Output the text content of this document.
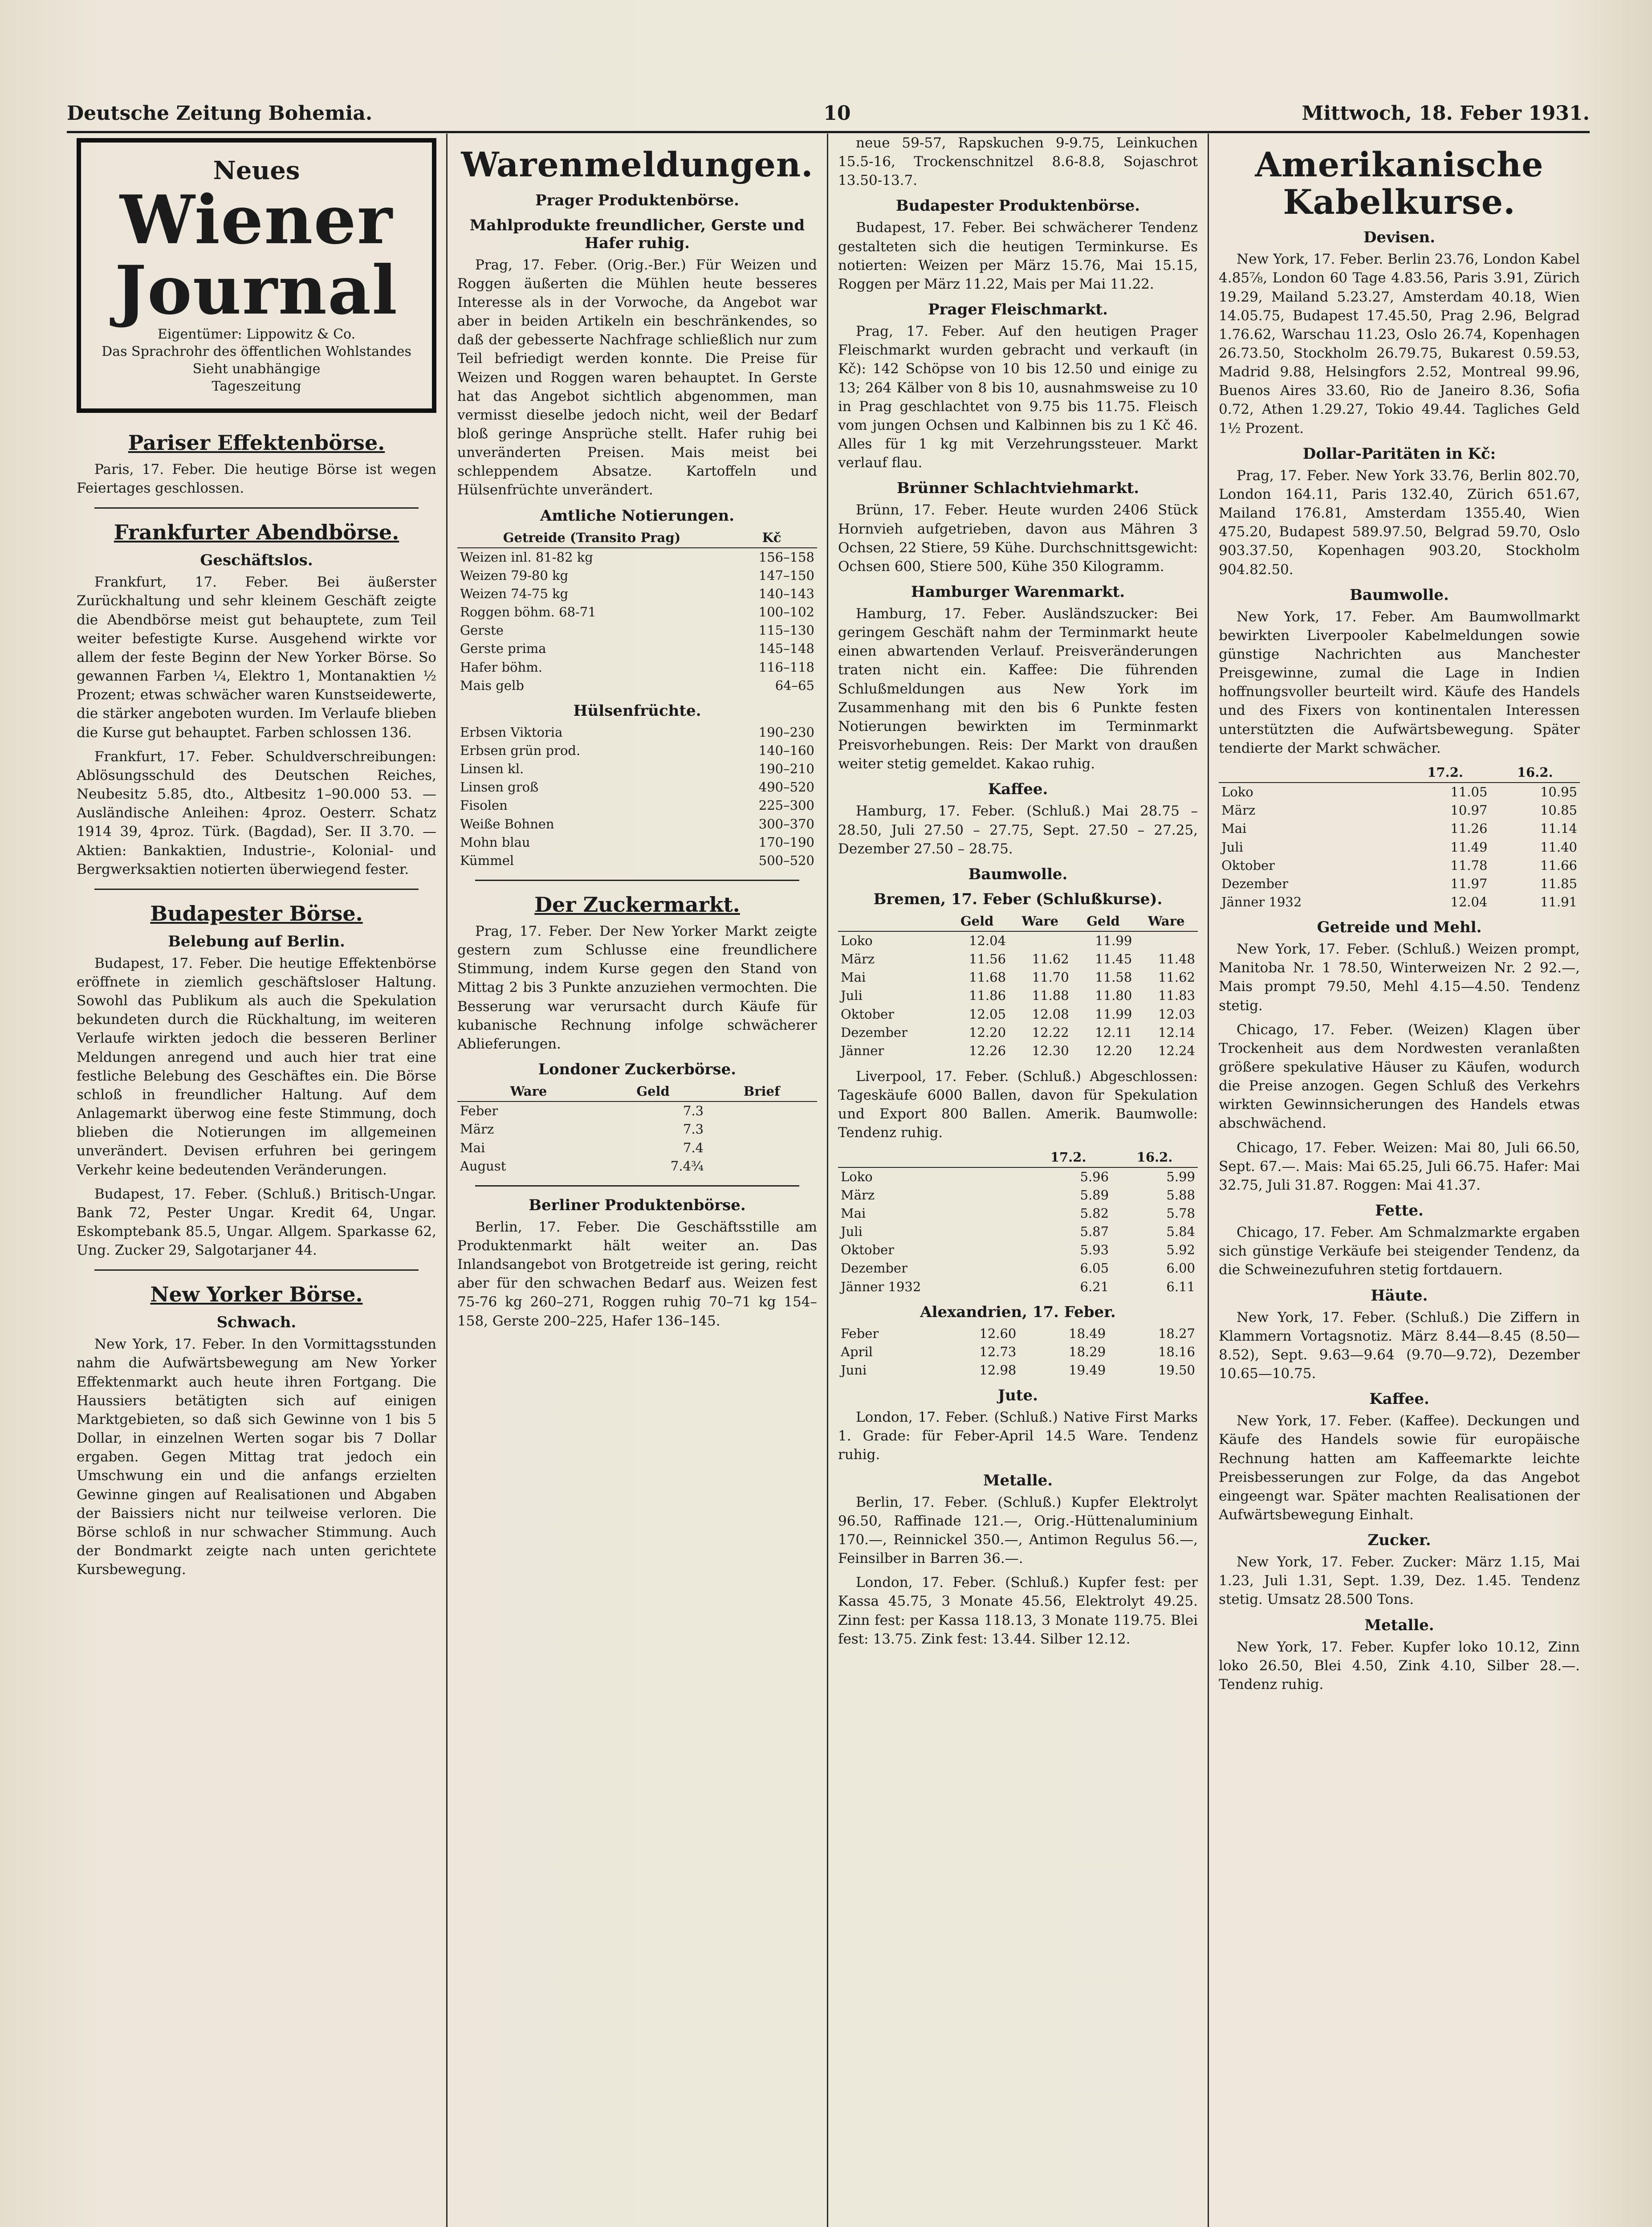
Deutsche Zeitung Bohemia.	10	Mittwoch, 18. Feber 1931.
Neues
Wiener Journal
Eigentümer: Lippowitz & Co.
Das Sprachrohr des öffentlichen Wohlstandes
Sieht unabhängige
Tageszeitung
Pariser Effektenbörse.

Paris, 17. Feber. Die heutige Börse ist wegen Feiertages geschlossen.

Frankfurter Abendbörse.
Geschäftslos.

Frankfurt, 17. Feber. Bei äußerster Zurückhaltung und sehr kleinem Geschäft zeigte die Abendbörse meist gut behauptete, zum Teil weiter befestigte Kurse. Ausgehend wirkte vor allem der feste Beginn der New Yorker Börse. So gewannen Farben ¼, Elektro 1, Montanaktien ½ Prozent; etwas schwächer waren Kunstseidewerte, die stärker angeboten wurden. Im Verlaufe blieben die Kurse gut behauptet. Farben schlossen 136.

Frankfurt, 17. Feber. Schuldverschreibungen: Ablösungsschuld des Deutschen Reiches, Neubesitz 5.85, dto., Altbesitz 1–90.000 53. — Ausländische Anleihen: 4proz. Oesterr. Schatz 1914 39, 4proz. Türk. (Bagdad), Ser. II 3.70. — Aktien: Bankaktien, Industrie-, Kolonial- und Bergwerksaktien notierten überwiegend fester.

Budapester Börse.
Belebung auf Berlin.

Budapest, 17. Feber. Die heutige Effektenbörse eröffnete in ziemlich geschäftsloser Haltung. Sowohl das Publikum als auch die Spekulation bekundeten durch die Rückhaltung, im weiteren Verlaufe wirkten jedoch die besseren Berliner Meldungen anregend und auch hier trat eine festliche Belebung des Geschäftes ein. Die Börse schloß in freundlicher Haltung. Auf dem Anlagemarkt überwog eine feste Stimmung, doch blieben die Notierungen im allgemeinen unverändert. Devisen erfuhren bei geringem Verkehr keine bedeutenden Veränderungen.

Budapest, 17. Feber. (Schluß.) Britisch-Ungar. Bank 72, Pester Ungar. Kredit 64, Ungar. Eskomptebank 85.5, Ungar. Allgem. Sparkasse 62, Ung. Zucker 29, Salgotarjaner 44.

New Yorker Börse.
Schwach.

New York, 17. Feber. In den Vormittagsstunden nahm die Aufwärtsbewegung am New Yorker Effektenmarkt auch heute ihren Fortgang. Die Haussiers betätigten sich auf einigen Marktgebieten, so daß sich Gewinne von 1 bis 5 Dollar, in einzelnen Werten sogar bis 7 Dollar ergaben. Gegen Mittag trat jedoch ein Umschwung ein und die anfangs erzielten Gewinne gingen auf Realisationen und Abgaben der Baissiers nicht nur teilweise verloren. Die Börse schloß in nur schwacher Stimmung. Auch der Bondmarkt zeigte nach unten gerichtete Kursbewegung.

Warenmeldungen.
Prager Produktenbörse.
Mahlprodukte freundlicher, Gerste und Hafer ruhig.

Prag, 17. Feber. (Orig.-Ber.) Für Weizen und Roggen äußerten die Mühlen heute besseres Interesse als in der Vorwoche, da Angebot war aber in beiden Artikeln ein beschränkendes, so daß der gebesserte Nachfrage schließlich nur zum Teil befriedigt werden konnte. Die Preise für Weizen und Roggen waren behauptet. In Gerste hat das Angebot sichtlich abgenommen, man vermisst dieselbe jedoch nicht, weil der Bedarf bloß geringe Ansprüche stellt. Hafer ruhig bei unveränderten Preisen. Mais meist bei schleppendem Absatze. Kartoffeln und Hülsenfrüchte unverändert.

Amtliche Notierungen.
Getreide (Transito Prag)	Kč
Weizen inl. 81-82 kg	156–158
Weizen 79-80 kg	147–150
Weizen 74-75 kg	140–143
Roggen böhm. 68-71	100–102
Gerste	115–130
Gerste prima	145–148
Hafer böhm.	116–118
Mais gelb	64–65
Hülsenfrüchte.
Erbsen Viktoria	190–230
Erbsen grün prod.	140–160
Linsen kl.	190–210
Linsen groß	490–520
Fisolen	225–300
Weiße Bohnen	300–370
Mohn blau	170–190
Kümmel	500–520
Der Zuckermarkt.

Prag, 17. Feber. Der New Yorker Markt zeigte gestern zum Schlusse eine freundlichere Stimmung, indem Kurse gegen den Stand von Mittag 2 bis 3 Punkte anzuziehen vermochten. Die Besserung war verursacht durch Käufe für kubanische Rechnung infolge schwächerer Ablieferungen.

Londoner Zuckerbörse.
Ware	Geld	Brief
Feber	7.3	
März	7.3	
Mai	7.4	
August	7.4¾	
Berliner Produktenbörse.

Berlin, 17. Feber. Die Geschäftsstille am Produktenmarkt hält weiter an. Das Inlandsangebot von Brotgetreide ist gering, reicht aber für den schwachen Bedarf aus. Weizen fest 75-76 kg 260–271, Roggen ruhig 70–71 kg 154–158, Gerste 200–225, Hafer 136–145.

neue 59-57, Rapskuchen 9-9.75, Leinkuchen 15.5-16, Trockenschnitzel 8.6-8.8, Sojaschrot 13.50-13.7.

Budapester Produktenbörse.

Budapest, 17. Feber. Bei schwächerer Tendenz gestalteten sich die heutigen Terminkurse. Es notierten: Weizen per März 15.76, Mai 15.15, Roggen per März 11.22, Mais per Mai 11.22.

Prager Fleischmarkt.

Prag, 17. Feber. Auf den heutigen Prager Fleischmarkt wurden gebracht und verkauft (in Kč): 142 Schöpse von 10 bis 12.50 und einige zu 13; 264 Kälber von 8 bis 10, ausnahmsweise zu 10 in Prag geschlachtet von 9.75 bis 11.75. Fleisch vom jungen Ochsen und Kalbinnen bis zu 1 Kč 46. Alles für 1 kg mit Verzehrungssteuer. Markt verlauf flau.

Brünner Schlachtviehmarkt.

Brünn, 17. Feber. Heute wurden 2406 Stück Hornvieh aufgetrieben, davon aus Mähren 3 Ochsen, 22 Stiere, 59 Kühe. Durchschnittsgewicht: Ochsen 600, Stiere 500, Kühe 350 Kilogramm.

Hamburger Warenmarkt.

Hamburg, 17. Feber. Ausländszucker: Bei geringem Geschäft nahm der Terminmarkt heute einen abwartenden Verlauf. Preisveränderungen traten nicht ein. Kaffee: Die führenden Schlußmeldungen aus New York im Zusammenhang mit den bis 6 Punkte festen Notierungen bewirkten im Terminmarkt Preisvorhebungen. Reis: Der Markt von draußen weiter stetig gemeldet. Kakao ruhig.

Kaffee.

Hamburg, 17. Feber. (Schluß.) Mai 28.75 – 28.50, Juli 27.50 – 27.75, Sept. 27.50 – 27.25, Dezember 27.50 – 28.75.

Baumwolle.
Bremen, 17. Feber (Schlußkurse).
	Geld	Ware	Geld	Ware
Loko	12.04		11.99	
März	11.56	11.62	11.45	11.48
Mai	11.68	11.70	11.58	11.62
Juli	11.86	11.88	11.80	11.83
Oktober	12.05	12.08	11.99	12.03
Dezember	12.20	12.22	12.11	12.14
Jänner	12.26	12.30	12.20	12.24

Liverpool, 17. Feber. (Schluß.) Abgeschlossen: Tageskäufe 6000 Ballen, davon für Spekulation und Export 800 Ballen. Amerik. Baumwolle: Tendenz ruhig.

	17.2.	16.2.
Loko	5.96	5.99
März	5.89	5.88
Mai	5.82	5.78
Juli	5.87	5.84
Oktober	5.93	5.92
Dezember	6.05	6.00
Jänner 1932	6.21	6.11
Alexandrien, 17. Feber.
Feber	12.60	18.49	18.27
April	12.73	18.29	18.16
Juni	12.98	19.49	19.50
Jute.

London, 17. Feber. (Schluß.) Native First Marks 1. Grade: für Feber-April 14.5 Ware. Tendenz ruhig.

Metalle.

Berlin, 17. Feber. (Schluß.) Kupfer Elektrolyt 96.50, Raffinade 121.—, Orig.-Hüttenaluminium 170.—, Reinnickel 350.—, Antimon Regulus 56.—, Feinsilber in Barren 36.—.

London, 17. Feber. (Schluß.) Kupfer fest: per Kassa 45.75, 3 Monate 45.56, Elektrolyt 49.25. Zinn fest: per Kassa 118.13, 3 Monate 119.75. Blei fest: 13.75. Zink fest: 13.44. Silber 12.12.

Amerikanische Kabelkurse.
Devisen.

New York, 17. Feber. Berlin 23.76, London Kabel 4.85⅞, London 60 Tage 4.83.56, Paris 3.91, Zürich 19.29, Mailand 5.23.27, Amsterdam 40.18, Wien 14.05.75, Budapest 17.45.50, Prag 2.96, Belgrad 1.76.62, Warschau 11.23, Oslo 26.74, Kopenhagen 26.73.50, Stockholm 26.79.75, Bukarest 0.59.53, Madrid 9.88, Helsingfors 2.52, Montreal 99.96, Buenos Aires 33.60, Rio de Janeiro 8.36, Sofia 0.72, Athen 1.29.27, Tokio 49.44. Tagliches Geld 1½ Prozent.

Dollar-Paritäten in Kč:

Prag, 17. Feber. New York 33.76, Berlin 802.70, London 164.11, Paris 132.40, Zürich 651.67, Mailand 176.81, Amsterdam 1355.40, Wien 475.20, Budapest 589.97.50, Belgrad 59.70, Oslo 903.37.50, Kopenhagen 903.20, Stockholm 904.82.50.

Baumwolle.

New York, 17. Feber. Am Baumwollmarkt bewirkten Liverpooler Kabelmeldungen sowie günstige Nachrichten aus Manchester Preisgewinne, zumal die Lage in Indien hoffnungsvoller beurteilt wird. Käufe des Handels und des Fixers von kontinentalen Interessen unterstützten die Aufwärtsbewegung. Später tendierte der Markt schwächer.

	17.2.	16.2.
Loko	11.05	10.95
März	10.97	10.85
Mai	11.26	11.14
Juli	11.49	11.40
Oktober	11.78	11.66
Dezember	11.97	11.85
Jänner 1932	12.04	11.91
Getreide und Mehl.

New York, 17. Feber. (Schluß.) Weizen prompt, Manitoba Nr. 1 78.50, Winterweizen Nr. 2 92.—, Mais prompt 79.50, Mehl 4.15—4.50. Tendenz stetig.

Chicago, 17. Feber. (Weizen) Klagen über Trockenheit aus dem Nordwesten veranlaßten größere spekulative Häuser zu Käufen, wodurch die Preise anzogen. Gegen Schluß des Verkehrs wirkten Gewinnsicherungen des Handels etwas abschwächend.

Chicago, 17. Feber. Weizen: Mai 80, Juli 66.50, Sept. 67.—. Mais: Mai 65.25, Juli 66.75. Hafer: Mai 32.75, Juli 31.87. Roggen: Mai 41.37.

Fette.

Chicago, 17. Feber. Am Schmalzmarkte ergaben sich günstige Verkäufe bei steigender Tendenz, da die Schweinezufuhren stetig fortdauern.

Häute.

New York, 17. Feber. (Schluß.) Die Ziffern in Klammern Vortagsnotiz. März 8.44—8.45 (8.50—8.52), Sept. 9.63—9.64 (9.70—9.72), Dezember 10.65—10.75.

Kaffee.

New York, 17. Feber. (Kaffee). Deckungen und Käufe des Handels sowie für europäische Rechnung hatten am Kaffeemarkte leichte Preisbesserungen zur Folge, da das Angebot eingeengt war. Später machten Realisationen der Aufwärtsbewegung Einhalt.

Zucker.

New York, 17. Feber. Zucker: März 1.15, Mai 1.23, Juli 1.31, Sept. 1.39, Dez. 1.45. Tendenz stetig. Umsatz 28.500 Tons.

Metalle.

New York, 17. Feber. Kupfer loko 10.12, Zinn loko 26.50, Blei 4.50, Zink 4.10, Silber 28.—. Tendenz ruhig.
